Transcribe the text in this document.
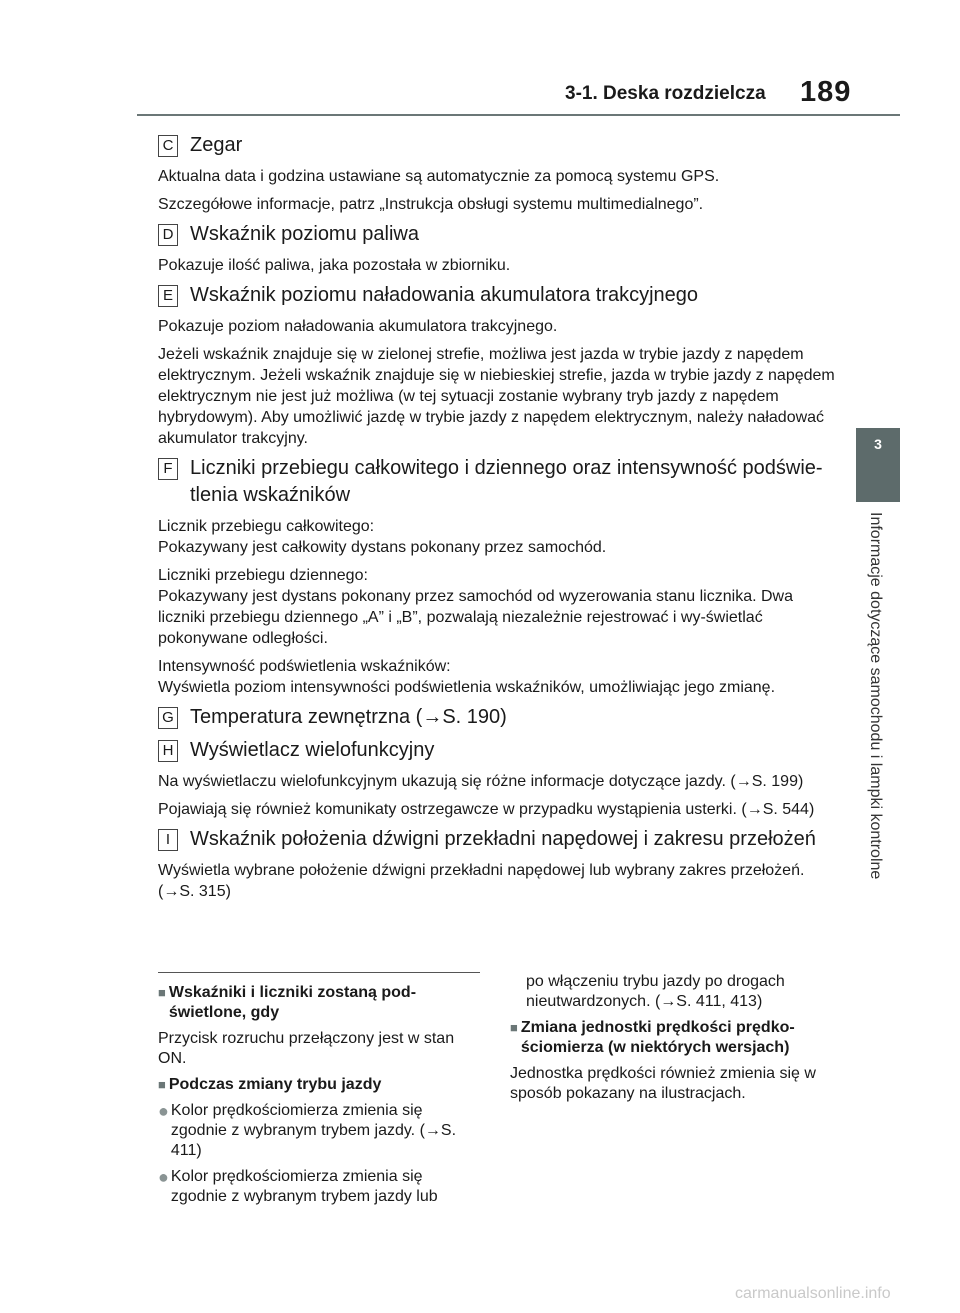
3-1. Deska rozdzielcza 189
3
Informacje dotyczące samochodu i lampki kontrolne
C Zegar

Aktualna data i godzina ustawiane są automatycznie za pomocą systemu GPS.

Szczegółowe informacje, patrz „Instrukcja obsługi systemu multimedialnego”.

D Wskaźnik poziomu paliwa

Pokazuje ilość paliwa, jaka pozostała w zbiorniku.

E Wskaźnik poziomu naładowania akumulatora trakcyjnego

Pokazuje poziom naładowania akumulatora trakcyjnego.

Jeżeli wskaźnik znajduje się w zielonej strefie, możliwa jest jazda w trybie jazdy z napędem elektrycznym. Jeżeli wskaźnik znajduje się w niebieskiej strefie, jazda w trybie jazdy z napędem elektrycznym nie jest już możliwa (w tej sytuacji zostanie wybrany tryb jazdy z napędem hybrydowym). Aby umożliwić jazdę w trybie jazdy z napędem elektrycznym, należy naładować akumulator trakcyjny.

F Liczniki przebiegu całkowitego i dziennego oraz intensywność podświe-tlenia wskaźników

Licznik przebiegu całkowitego:
Pokazywany jest całkowity dystans pokonany przez samochód.

Liczniki przebiegu dziennego:
Pokazywany jest dystans pokonany przez samochód od wyzerowania stanu licznika. Dwa liczniki przebiegu dziennego „A” i „B”, pozwalają niezależnie rejestrować i wy-świetlać pokonywane odległości.

Intensywność podświetlenia wskaźników:
Wyświetla poziom intensywności podświetlenia wskaźników, umożliwiając jego zmianę.

G Temperatura zewnętrzna (→S. 190)
H Wyświetlacz wielofunkcyjny

Na wyświetlaczu wielofunkcyjnym ukazują się różne informacje dotyczące jazdy. (→S. 199)

Pojawiają się również komunikaty ostrzegawcze w przypadku wystąpienia usterki. (→S. 544)

I Wskaźnik położenia dźwigni przekładni napędowej i zakresu przełożeń

Wyświetla wybrane położenie dźwigni przekładni napędowej lub wybrany zakres przełożeń. (→S. 315)

■ Wskaźniki i liczniki zostaną pod-świetlone, gdy
Przycisk rozruchu przełączony jest w stan ON.
■ Podczas zmiany trybu jazdy
● Kolor prędkościomierza zmienia się zgodnie z wybranym trybem jazdy. (→S. 411)
● Kolor prędkościomierza zmienia się zgodnie z wybranym trybem jazdy lub
po włączeniu trybu jazdy po drogach nieutwardzonych. (→S. 411, 413)
■ Zmiana jednostki prędkości prędko-ściomierza (w niektórych wersjach)
Jednostka prędkości również zmienia się w sposób pokazany na ilustracjach.
carmanualsonline.info
